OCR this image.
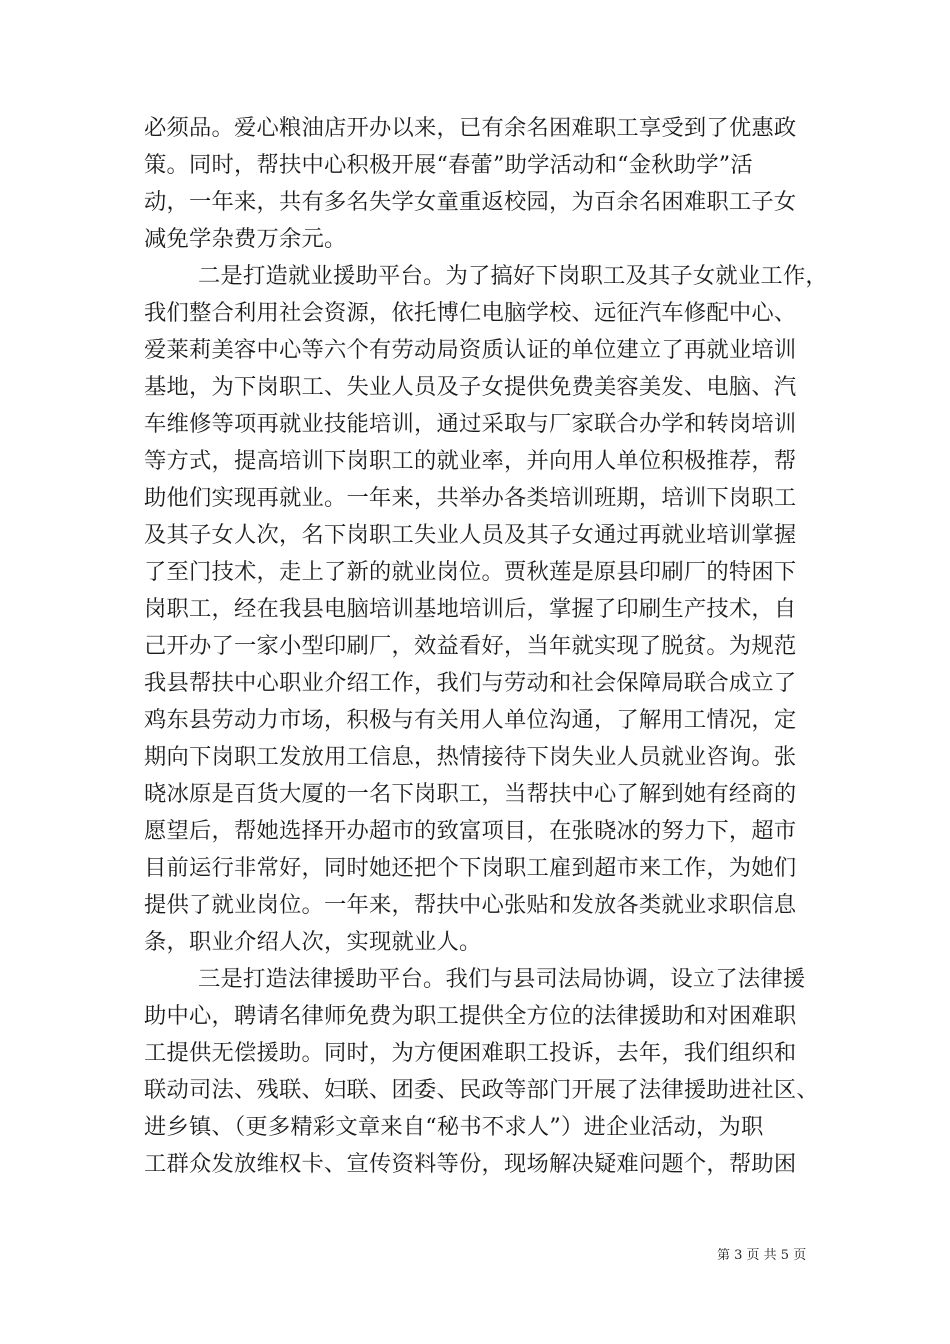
必须品。爱心粮油店开办以来，已有余名困难职工享受到了优惠政
策。同时，帮扶中心积极开展“春蕾”助学活动和“金秋助学”活
动，一年来，共有多名失学女童重返校园，为百余名困难职工子女
减免学杂费万余元。
二是打造就业援助平台。为了搞好下岗职工及其子女就业工作，
我们整合利用社会资源，依托博仁电脑学校、远征汽车修配中心、
爱莱莉美容中心等六个有劳动局资质认证的单位建立了再就业培训
基地，为下岗职工、失业人员及子女提供免费美容美发、电脑、汽
车维修等项再就业技能培训，通过采取与厂家联合办学和转岗培训
等方式，提高培训下岗职工的就业率，并向用人单位积极推荐，帮
助他们实现再就业。一年来，共举办各类培训班期，培训下岗职工
及其子女人次，名下岗职工失业人员及其子女通过再就业培训掌握
了至门技术，走上了新的就业岗位。贾秋莲是原县印刷厂的特困下
岗职工，经在我县电脑培训基地培训后，掌握了印刷生产技术，自
己开办了一家小型印刷厂，效益看好，当年就实现了脱贫。为规范
我县帮扶中心职业介绍工作，我们与劳动和社会保障局联合成立了
鸡东县劳动力市场，积极与有关用人单位沟通，了解用工情况，定
期向下岗职工发放用工信息，热情接待下岗失业人员就业咨询。张
晓冰原是百货大厦的一名下岗职工，当帮扶中心了解到她有经商的
愿望后，帮她选择开办超市的致富项目，在张晓冰的努力下，超市
目前运行非常好，同时她还把个下岗职工雇到超市来工作，为她们
提供了就业岗位。一年来，帮扶中心张贴和发放各类就业求职信息
条，职业介绍人次，实现就业人。
三是打造法律援助平台。我们与县司法局协调，设立了法律援
助中心，聘请名律师免费为职工提供全方位的法律援助和对困难职
工提供无偿援助。同时，为方便困难职工投诉，去年，我们组织和
联动司法、残联、妇联、团委、民政等部门开展了法律援助进社区、
进乡镇、（更多精彩文章来自“秘书不求人”）进企业活动，为职
工群众发放维权卡、宣传资料等份，现场解决疑难问题个，帮助困
第 3 页 共 5 页
